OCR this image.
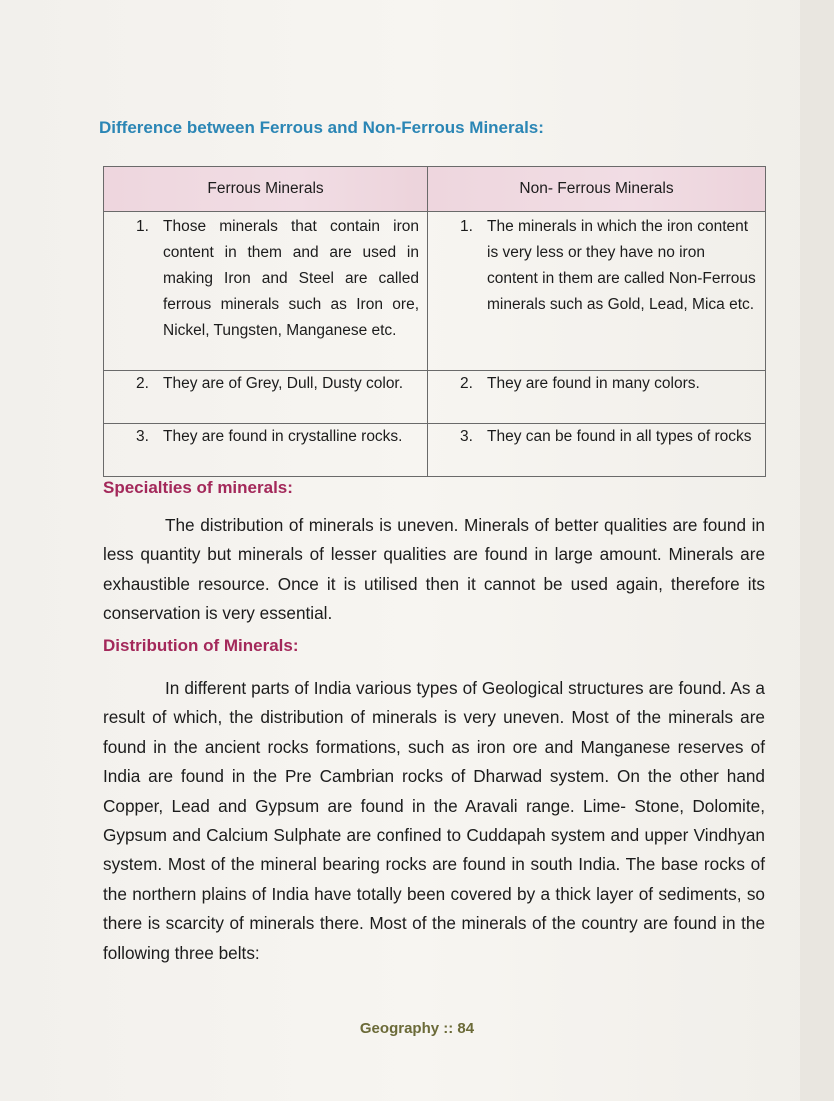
Difference between Ferrous and Non-Ferrous Minerals:
Ferrous Minerals	Non- Ferrous Minerals

1. Those minerals that contain iron content in them and are used in making Iron and Steel are called ferrous minerals such as Iron ore, Nickel, Tungsten, Manganese etc.	1. The minerals in which the iron content is very less or they have no iron content in them are called Non-Ferrous minerals such as Gold, Lead, Mica etc.

2. They are of Grey, Dull, Dusty color.	2. They are found in many colors.

3. They are found in crystalline rocks.	3. They can be found in all types of rocks
Specialties of minerals:

The distribution of minerals is uneven. Minerals of better qualities are found in less quantity but minerals of lesser qualities are found in large amount. Minerals are exhaustible resource. Once it is utilised then it cannot be used again, therefore its conservation is very essential.

Distribution of Minerals:

In different parts of India various types of Geological structures are found. As a result of which, the distribution of minerals is very uneven. Most of the minerals are found in the ancient rocks formations, such as iron ore and Manganese reserves of India are found in the Pre Cambrian rocks of Dharwad system. On the other hand Copper, Lead and Gypsum are found in the Aravali range. Lime- Stone, Dolomite, Gypsum and Calcium Sulphate are confined to Cuddapah system and upper Vindhyan system. Most of the mineral bearing rocks are found in south India. The base rocks of the northern plains of India have totally been covered by a thick layer of sediments, so there is scarcity of minerals there. Most of the minerals of the country are found in the following three belts:

Geography :: 84
